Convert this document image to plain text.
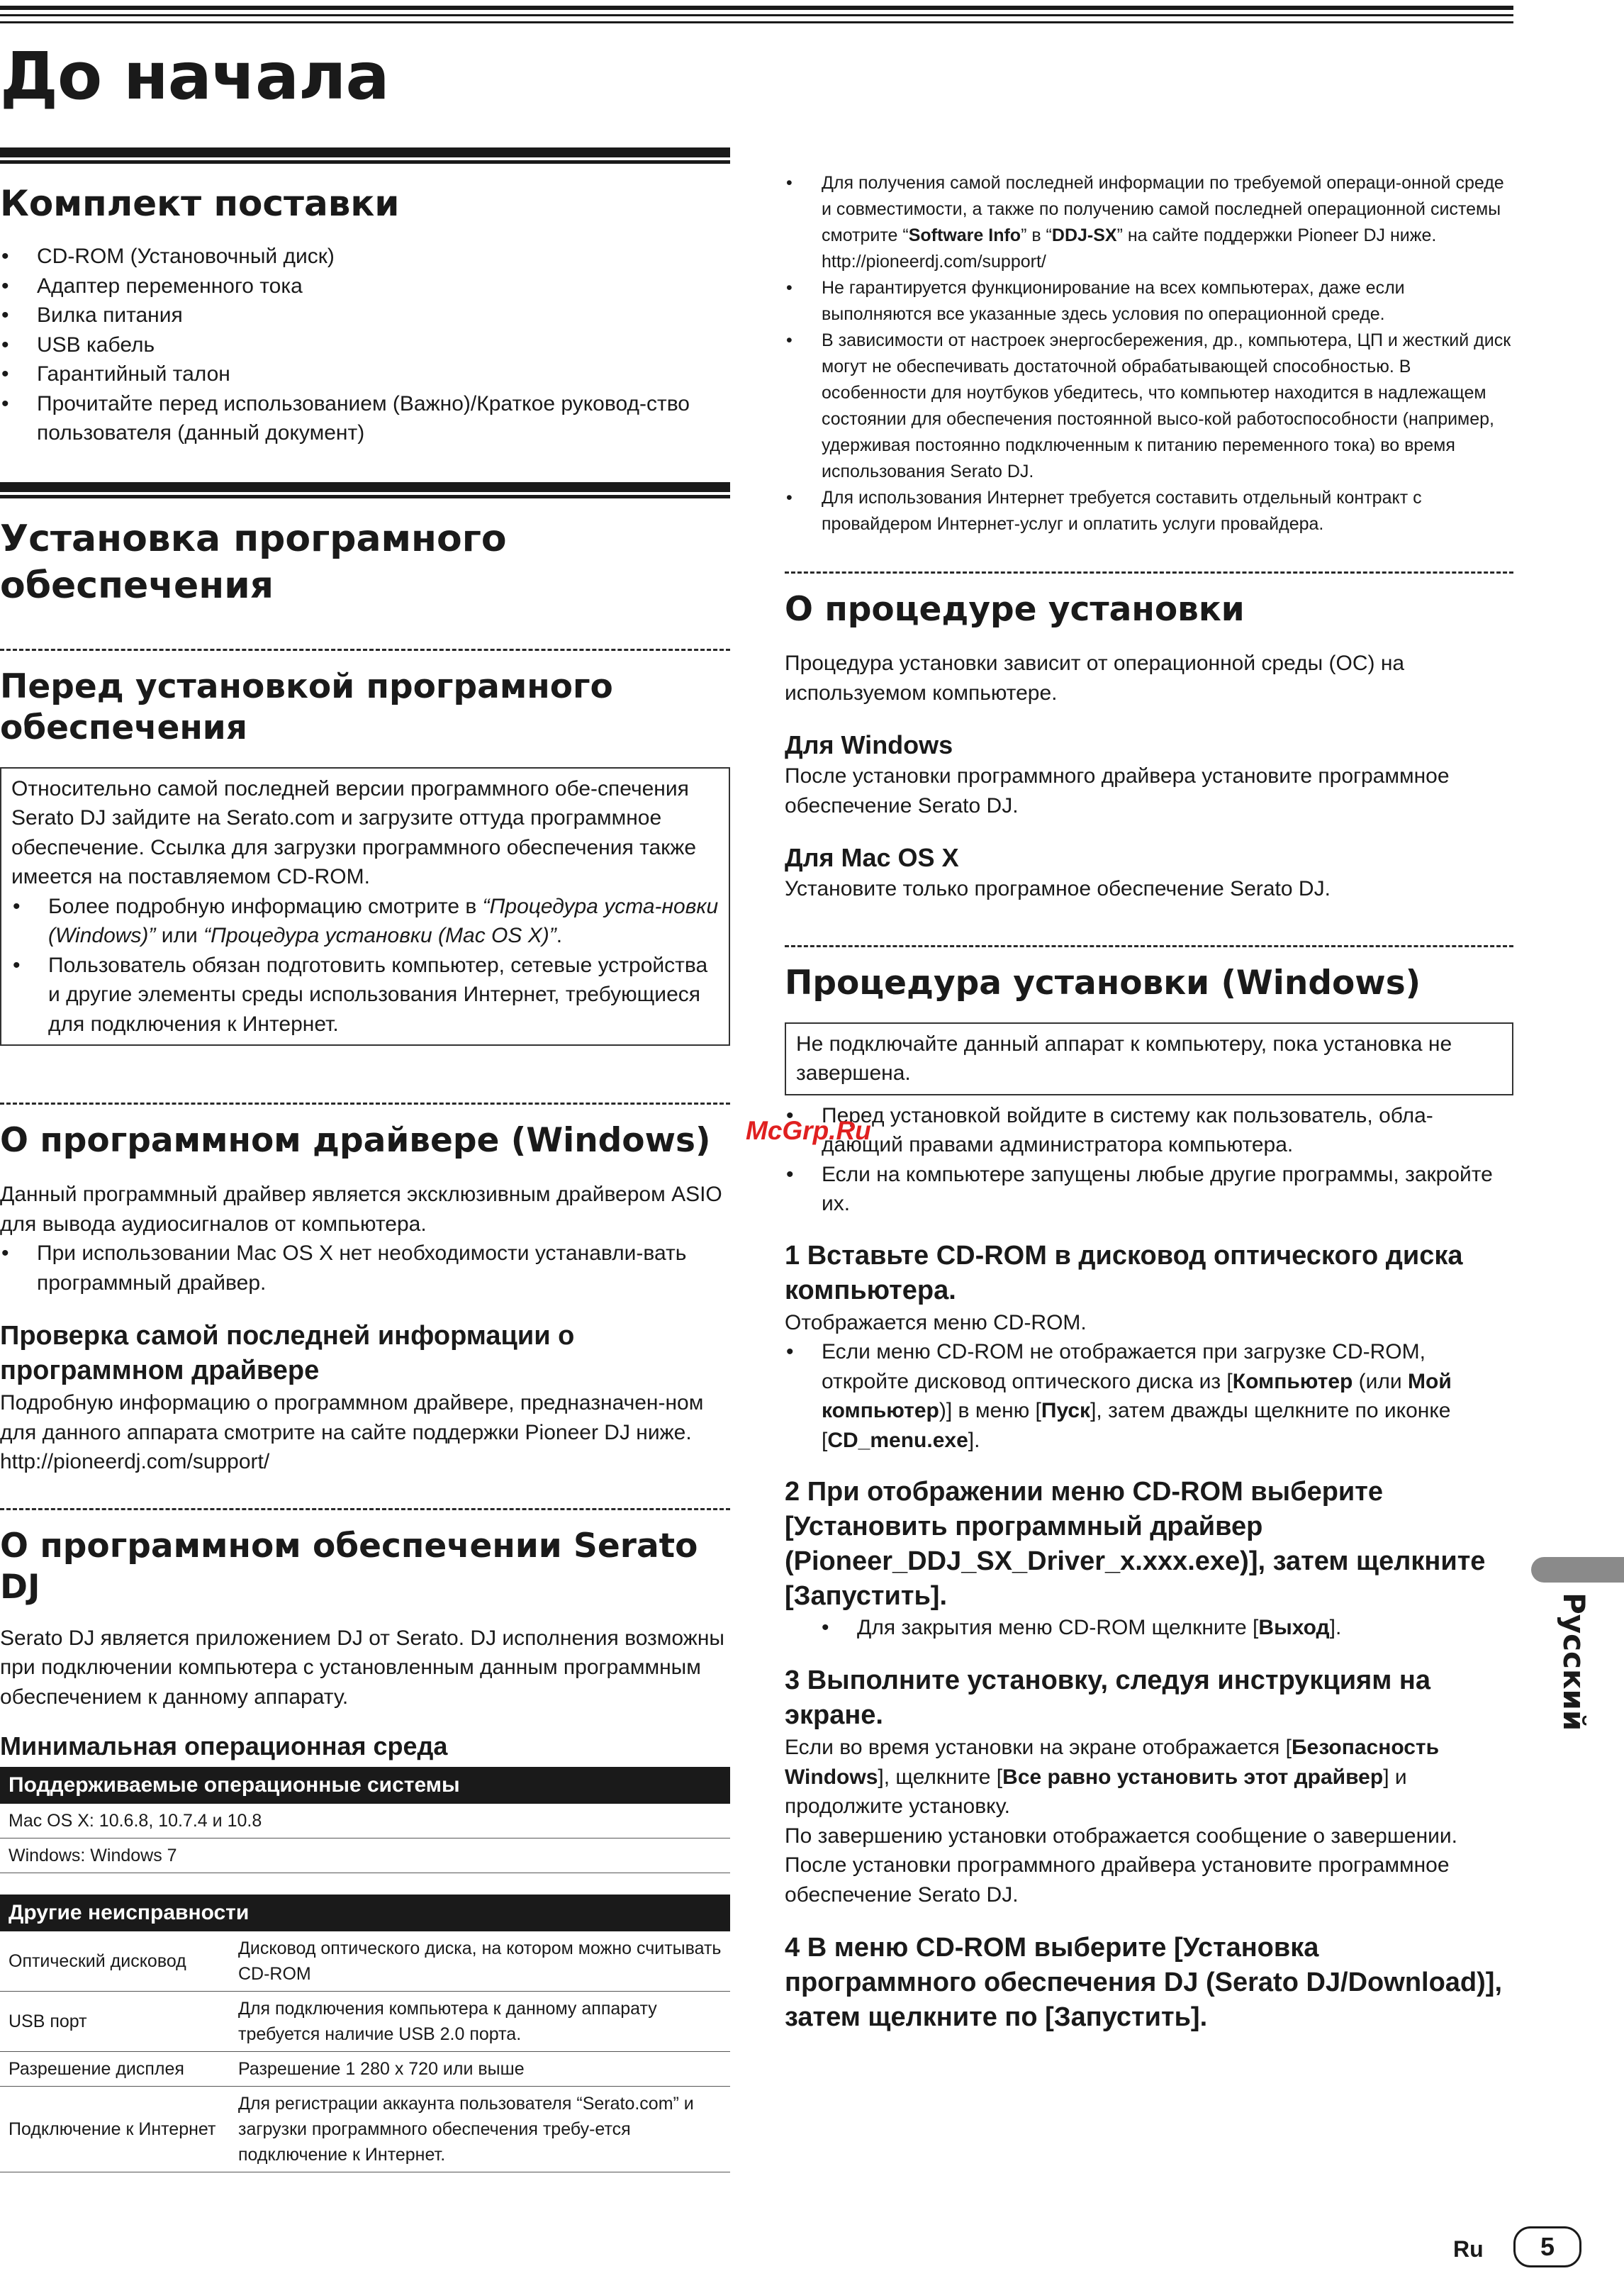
До начала
Комплект поставки
• CD-ROM (Установочный диск)
• Адаптер переменного тока
• Вилка питания
• USB кабель
• Гарантийный талон
• Прочитайте перед использованием (Важно)/Краткое руковод-ство пользователя (данный документ)
Установка програмного обеспечения
Перед установкой програмного обеспечения

Относительно самой последней версии программного обе-спечения Serato DJ зайдите на Serato.com и загрузите оттуда программное обеспечение. Ссылка для загрузки программного обеспечения также имеется на поставляемом CD-ROM.

• Более подробную информацию смотрите в “Процедура уста-новки (Windows)” или “Процедура установки (Mac OS X)”.
• Пользователь обязан подготовить компьютер, сетевые устройства и другие элементы среды использования Интернет, требующиеся для подключения к Интернет.
О программном драйвере (Windows)

Данный программный драйвер является эксклюзивным драйвером ASIO для вывода аудиосигналов от компьютера.

• При использовании Mac OS X нет необходимости устанавли-вать программный драйвер.
Проверка самой последней информации о программном драйвере

Подробную информацию о программном драйвере, предназначен-ном для данного аппарата смотрите на сайте поддержки Pioneer DJ ниже.

http://pioneerdj.com/support/

О программном обеспечении Serato DJ

Serato DJ является приложением DJ от Serato. DJ исполнения возможны при подключении компьютера с установленным данным программным обеспечением к данному аппарату.

Минимальная операционная среда
Поддерживаемые операционные системы
Mac OS X: 10.6.8, 10.7.4 и 10.8
Windows: Windows 7
Другие неисправности	
Оптический дисковод	Дисковод оптического диска, на котором можно считывать CD-ROM
USB порт	Для подключения компьютера к данному аппарату требуется наличие USB 2.0 порта.
Разрешение дисплея	Разрешение 1 280 x 720 или выше
Подключение к Интернет	Для регистрации аккаунта пользователя “Serato.com” и загрузки программного обеспечения требу-ется подключение к Интернет.
• Для получения самой последней информации по требуемой операци-онной среде и совместимости, а также по получению самой последней операционной системы смотрите “Software Info” в “DDJ-SX” на сайте поддержки Pioneer DJ ниже.
http://pioneerdj.com/support/
• Не гарантируется функционирование на всех компьютерах, даже если выполняются все указанные здесь условия по операционной среде.
• В зависимости от настроек энергосбережения, др., компьютера, ЦП и жесткий диск могут не обеспечивать достаточной обрабатывающей способностью. В особенности для ноутбуков убедитесь, что компьютер находится в надлежащем состоянии для обеспечения постоянной высо-кой работоспособности (например, удерживая постоянно подключенным к питанию переменного тока) во время использования Serato DJ.
• Для использования Интернет требуется составить отдельный контракт с провайдером Интернет-услуг и оплатить услуги провайдера.
О процедуре установки

Процедура установки зависит от операционной среды (ОС) на используемом компьютере.

Для Windows

После установки программного драйвера установите программное обеспечение Serato DJ.

Для Mac OS X

Установите только програмное обеспечение Serato DJ.

Процедура установки (Windows)

Не подключайте данный аппарат к компьютеру, пока установка не завершена.

• Перед установкой войдите в систему как пользователь, обла-дающий правами администратора компьютера.
• Если на компьютере запущены любые другие программы, закройте их.
1 Вставьте CD-ROM в дисковод оптического диска компьютера.

Отображается меню CD-ROM.

• Если меню CD-ROM не отображается при загрузке CD-ROM, откройте дисковод оптического диска из [Компьютер (или Мой компьютер)] в меню [Пуск], затем дважды щелкните по иконке [CD_menu.exe].
2 При отображении меню CD-ROM выберите [Установить программный драйвер (Pioneer_DDJ_SX_Driver_x.xxx.exe)], затем щелкните [Запустить].
• Для закрытия меню CD-ROM щелкните [Выход].
3 Выполните установку, следуя инструкциям на экране.

Если во время установки на экране отображается [Безопасность Windows], щелкните [Все равно установить этот драйвер] и продолжите установку.

По завершению установки отображается сообщение о завершении.

После установки программного драйвера установите программное обеспечение Serato DJ.

4 В меню CD-ROM выберите [Установка программного обеспечения DJ (Serato DJ/Download)], затем щелкните по [Запустить].
McGrp.Ru
Русский
Ru	5
